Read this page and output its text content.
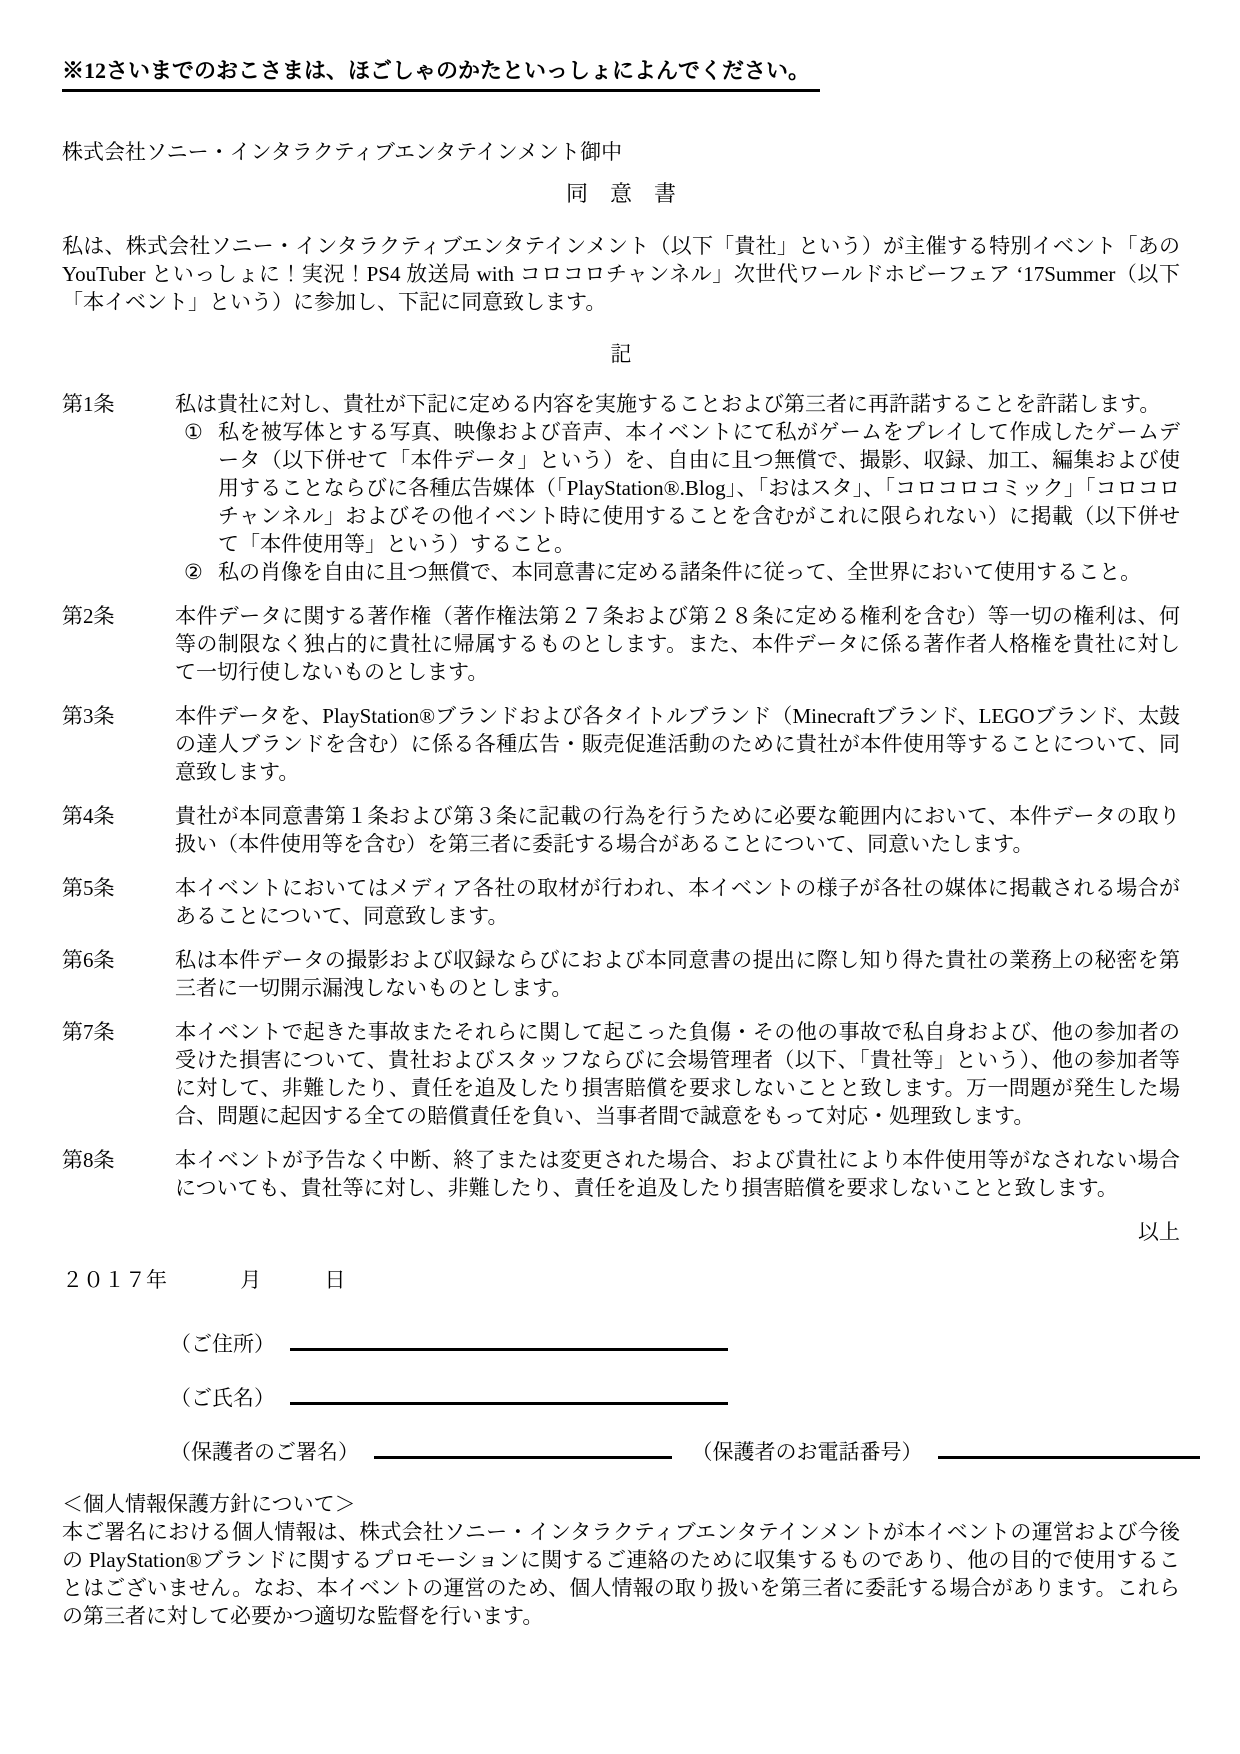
※12さいまでのおこさまは、ほごしゃのかたといっしょによんでください。
株式会社ソニー・インタラクティブエンタテインメント御中
同　意　書

私は、株式会社ソニー・インタラクティブエンタテインメント（以下「貴社」という）が主催する特別イベント「あの YouTuber といっしょに！実況！PS4 放送局 with コロコロチャンネル」次世代ワールドホビーフェア ‘17Summer（以下「本イベント」という）に参加し、下記に同意致します。

記
第1条	私は貴社に対し、貴社が下記に定める内容を実施することおよび第三者に再許諾することを許諾します。
① 私を被写体とする写真、映像および音声、本イベントにて私がゲームをプレイして作成したゲームデータ（以下併せて「本件データ」という）を、自由に且つ無償で、撮影、収録、加工、編集および使用することならびに各種広告媒体（「PlayStation®.Blog」、「おはスタ」、「コロコロコミック」「コロコロチャンネル」およびその他イベント時に使用することを含むがこれに限られない）に掲載（以下併せて「本件使用等」という）すること。
② 私の肖像を自由に且つ無償で、本同意書に定める諸条件に従って、全世界において使用すること。
第2条	本件データに関する著作権（著作権法第２７条および第２８条に定める権利を含む）等一切の権利は、何等の制限なく独占的に貴社に帰属するものとします。また、本件データに係る著作者人格権を貴社に対して一切行使しないものとします。
第3条	本件データを、PlayStation®ブランドおよび各タイトルブランド（Minecraftブランド、LEGOブランド、太鼓の達人ブランドを含む）に係る各種広告・販売促進活動のために貴社が本件使用等することについて、同意致します。
第4条	貴社が本同意書第１条および第３条に記載の行為を行うために必要な範囲内において、本件データの取り扱い（本件使用等を含む）を第三者に委託する場合があることについて、同意いたします。
第5条	本イベントにおいてはメディア各社の取材が行われ、本イベントの様子が各社の媒体に掲載される場合があることについて、同意致します。
第6条	私は本件データの撮影および収録ならびにおよび本同意書の提出に際し知り得た貴社の業務上の秘密を第三者に一切開示漏洩しないものとします。
第7条	本イベントで起きた事故またそれらに関して起こった負傷・その他の事故で私自身および、他の参加者の受けた損害について、貴社およびスタッフならびに会場管理者（以下、「貴社等」という）、他の参加者等に対して、非難したり、責任を追及したり損害賠償を要求しないことと致します。万一問題が発生した場合、問題に起因する全ての賠償責任を負い、当事者間で誠意をもって対応・処理致します。
第8条	本イベントが予告なく中断、終了または変更された場合、および貴社により本件使用等がなされない場合についても、貴社等に対し、非難したり、責任を追及したり損害賠償を要求しないことと致します。
以上
２０１７年	月	日
（ご住所）
（ご氏名）
（保護者のご署名）	（保護者のお電話番号）
＜個人情報保護方針について＞

本ご署名における個人情報は、株式会社ソニー・インタラクティブエンタテインメントが本イベントの運営および今後の PlayStation®ブランドに関するプロモーションに関するご連絡のために収集するものであり、他の目的で使用することはございません。なお、本イベントの運営のため、個人情報の取り扱いを第三者に委託する場合があります。これらの第三者に対して必要かつ適切な監督を行います。
